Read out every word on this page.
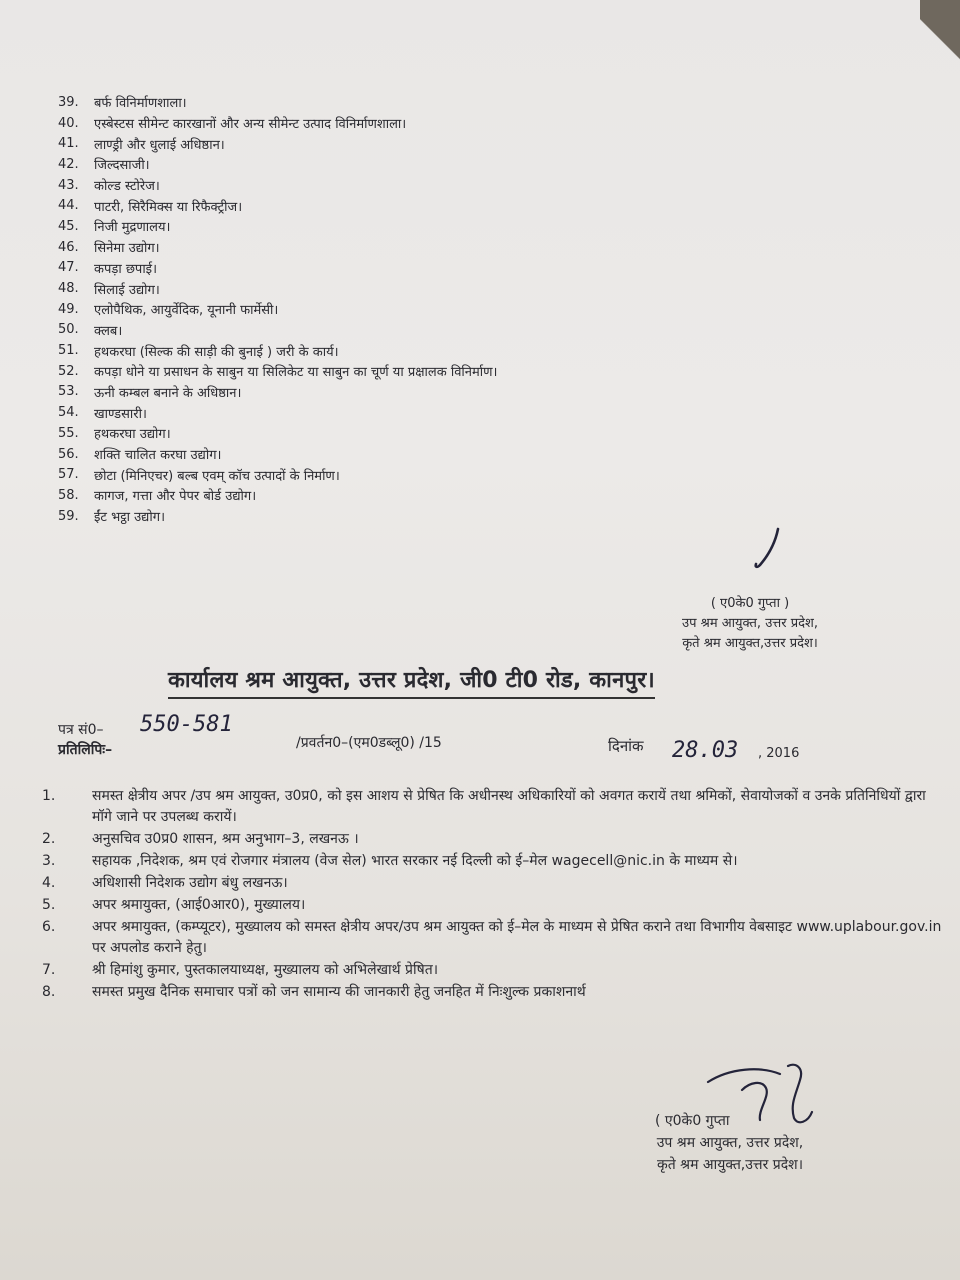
39.	बर्फ विनिर्माणशाला।
40.	एस्बेस्टस सीमेन्ट कारखानों और अन्य सीमेन्ट उत्पाद विनिर्माणशाला।
41.	लाण्ड्री और धुलाई अधिष्ठान।
42.	जिल्दसाजी।
43.	कोल्ड स्टोरेज।
44.	पाटरी, सिरैमिक्स या रिफैक्ट्रीज।
45.	निजी मुद्रणालय।
46.	सिनेमा उद्योग।
47.	कपड़ा छपाई।
48.	सिलाई उद्योग।
49.	एलोपैथिक, आयुर्वेदिक, यूनानी फार्मेसी।
50.	क्लब।
51.	हथकरघा (सिल्क की साड़ी की बुनाई ) जरी के कार्य।
52.	कपड़ा धोने या प्रसाधन के साबुन या सिलिकेट या साबुन का चूर्ण या प्रक्षालक विनिर्माण।
53.	ऊनी कम्बल बनाने के अधिष्ठान।
54.	खाण्डसारी।
55.	हथकरघा उद्योग।
56.	शक्ति चालित करघा उद्योग।
57.	छोटा (मिनिएचर) बल्ब एवम् कॉच उत्पादों के निर्माण।
58.	कागज, गत्ता और पेपर बोर्ड उद्योग।
59.	ईंट भट्ठा उद्योग।
( ए0के0 गुप्ता )
उप श्रम आयुक्त, उत्तर प्रदेश,
कृते श्रम आयुक्त,उत्तर प्रदेश।
कार्यालय श्रम आयुक्त, उत्तर प्रदेश, जी0 टी0 रोड, कानपुर।
पत्र सं0– 550-581
/प्रवर्तन0–(एम0डब्लू0) /15
प्रतिलिपिः–	दिनांक 28.03 , 2016
1.	समस्त क्षेत्रीय अपर /उप श्रम आयुक्त, उ0प्र0, को इस आशय से प्रेषित कि अधीनस्थ अधिकारियों को अवगत करायें तथा श्रमिकों, सेवायोजकों व उनके प्रतिनिधियों द्वारा मॉगे जाने पर उपलब्ध करायें।
2.	अनुसचिव उ0प्र0 शासन, श्रम अनुभाग–3, लखनऊ ।
3.	सहायक ,निदेशक, श्रम एवं रोजगार मंत्रालय (वेज सेल) भारत सरकार नई दिल्ली को ई–मेल wagecell@nic.in के माध्यम से।
4.	अधिशासी निदेशक उद्योग बंधु लखनऊ।
5.	अपर श्रमायुक्त, (आई0आर0), मुख्यालय।
6.	अपर श्रमायुक्त, (कम्प्यूटर), मुख्यालय को समस्त क्षेत्रीय अपर/उप श्रम आयुक्त को ई–मेल के माध्यम से प्रेषित कराने तथा विभागीय वेबसाइट www.uplabour.gov.in पर अपलोड कराने हेतु।
7.	श्री हिमांशु कुमार, पुस्तकालयाध्यक्ष, मुख्यालय को अभिलेखार्थ प्रेषित।
8.	समस्त प्रमुख दैनिक समाचार पत्रों को जन सामान्य की जानकारी हेतु जनहित में निःशुल्क प्रकाशनार्थ
( ए0के0 गुप्ता
उप श्रम आयुक्त, उत्तर प्रदेश,
कृते श्रम आयुक्त,उत्तर प्रदेश।
